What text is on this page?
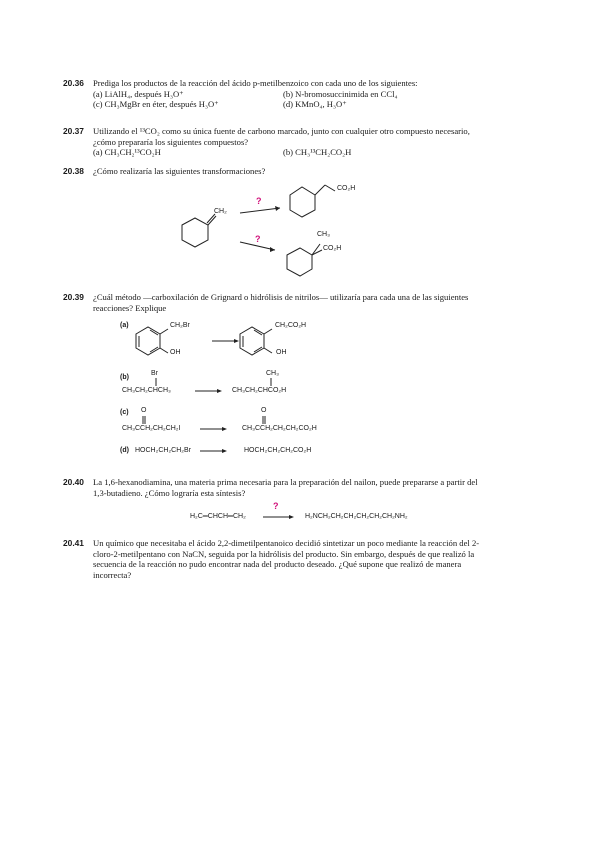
20.36 Prediga los productos de la reacción del ácido p-metilbenzoico con cada uno de los siguientes:
(a) LiAlH₄, después H₃O⁺	(b) N-bromosuccinimida en CCl₄
(c) CH₃MgBr en éter, después H₃O⁺	(d) KMnO₄, H₃O⁺
20.37 Utilizando el ¹³CO₂ como su única fuente de carbono marcado, junto con cualquier otro compuesto necesario, ¿cómo prepararía los siguientes compuestos?
(a) CH₃CH₂¹³CO₂H	(b) CH₃¹³CH₂CO₂H
20.38 ¿Cómo realizaría las siguientes transformaciones?
CH₂
?
CO₂H
?	CH₃
CO₂H
20.39 ¿Cuál método —carboxilación de Grignard o hidrólisis de nitrilos— utilizaría para cada una de las siguientes reacciones? Explique
(a)	CH₂Br
OH
CH₂CO₂H
OH
(b)
Br
CH₃CH₂CHCH₃
CH₃
CH₃CH₂CHCO₂H
(c) O
CH₃CCH₂CH₂CH₂I →
O
CH₃CCH₂CH₂CH₂CO₂H
(d) HOCH₂CH₂CH₂Br → HOCH₂CH₂CH₂CO₂H
20.40 La 1,6-hexanodiamina, una materia prima necesaria para la preparación del nailon, puede prepararse a partir del 1,3-butadieno. ¿Cómo lograría esta síntesis?
H₂C═CHCH═CH₂
?
→ H₂NCH₂CH₂CH₂CH₂CH₂CH₂NH₂
20.41 Un químico que necesitaba el ácido 2,2-dimetilpentanoico decidió sintetizar un poco mediante la reacción del 2-cloro-2-metilpentano con NaCN, seguida por la hidrólisis del producto. Sin embargo, después de que realizó la secuencia de la reacción no pudo encontrar nada del producto deseado. ¿Qué supone que realizó de manera incorrecta?
